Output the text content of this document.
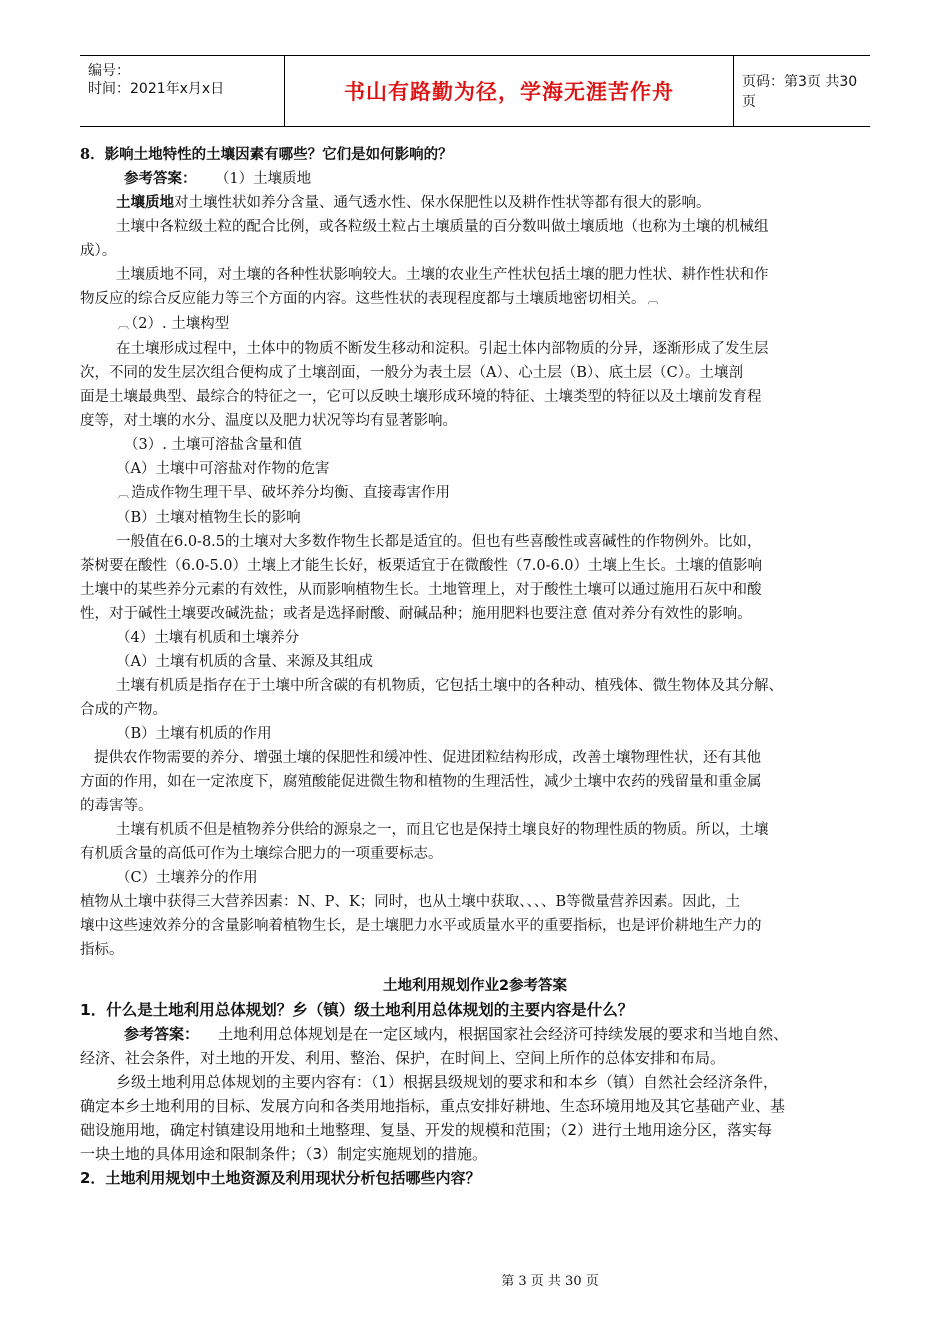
编号：
时间：2021年x月x日	书山有路勤为径，学海无涯苦作舟	页码：第3页 共30页

8．影响土地特性的土壤因素有哪些？它们是如何影响的？

参考答案： （1）土壤质地

土壤质地对土壤性状如养分含量、通气透水性、保水保肥性以及耕作性状等都有很大的影响。

土壤中各粒级土粒的配合比例，或各粒级土粒占土壤质量的百分数叫做土壤质地（也称为土壤的机械组

成）。

土壤质地不同，对土壤的各种性状影响较大。土壤的农业生产性状包括土壤的肥力性状、耕作性状和作

物反应的综合反应能力等三个方面的内容。这些性状的表现程度都与土壤质地密切相关。 ︹

︹ （2）. 土壤构型

在土壤形成过程中，土体中的物质不断发生移动和淀积。引起土体内部物质的分异，逐渐形成了发生层

次，不同的发生层次组合便构成了土壤剖面，一般分为表土层（A）、心土层（B）、底土层（C）。土壤剖

面是土壤最典型、最综合的特征之一，它可以反映土壤形成环境的特征、土壤类型的特征以及土壤前发育程

度等，对土壤的水分、温度以及肥力状况等均有显著影响。

（3）. 土壤可溶盐含量和值

（A）土壤中可溶盐对作物的危害

︹ 造成作物生理干旱、破坏养分均衡、直接毒害作用

（B）土壤对植物生长的影响

一般值在6.0-8.5的土壤对大多数作物生长都是适宜的。但也有些喜酸性或喜碱性的作物例外。比如，

茶树要在酸性（6.0-5.0）土壤上才能生长好，板栗适宜于在微酸性（7.0-6.0）土壤上生长。土壤的值影响

土壤中的某些养分元素的有效性，从而影响植物生长。土地管理上，对于酸性土壤可以通过施用石灰中和酸

性，对于碱性土壤要改碱洗盐；或者是选择耐酸、耐碱品种；施用肥料也要注意 值对养分有效性的影响。

（4）土壤有机质和土壤养分

（A）土壤有机质的含量、来源及其组成

土壤有机质是指存在于土壤中所含碳的有机物质，它包括土壤中的各种动、植残体、微生物体及其分解、

合成的产物。

（B）土壤有机质的作用

提供农作物需要的养分、增强土壤的保肥性和缓冲性、促进团粒结构形成，改善土壤物理性状，还有其他

方面的作用，如在一定浓度下，腐殖酸能促进微生物和植物的生理活性，减少土壤中农药的残留量和重金属

的毒害等。

土壤有机质不但是植物养分供给的源泉之一，而且它也是保持土壤良好的物理性质的物质。所以，土壤

有机质含量的高低可作为土壤综合肥力的一项重要标志。

（C）土壤养分的作用

植物从土壤中获得三大营养因素：N、P、K；同时，也从土壤中获取、、、、B等微量营养因素。因此，土

壤中这些速效养分的含量影响着植物生长，是土壤肥力水平或质量水平的重要指标，也是评价耕地生产力的

指标。

土地利用规划作业2参考答案

1．什么是土地利用总体规划？乡（镇）级土地利用总体规划的主要内容是什么？

参考答案： 土地利用总体规划是在一定区域内，根据国家社会经济可持续发展的要求和当地自然、

经济、社会条件，对土地的开发、利用、整治、保护，在时间上、空间上所作的总体安排和布局。

乡级土地利用总体规划的主要内容有：（1）根据县级规划的要求和和本乡（镇）自然社会经济条件，

确定本乡土地利用的目标、发展方向和各类用地指标，重点安排好耕地、生态环境用地及其它基础产业、基

础设施用地，确定村镇建设用地和土地整理、复垦、开发的规模和范围；（2）进行土地用途分区，落实每

一块土地的具体用途和限制条件；（3）制定实施规划的措施。

2．土地利用规划中土地资源及利用现状分析包括哪些内容？

第 3 页 共 30 页
